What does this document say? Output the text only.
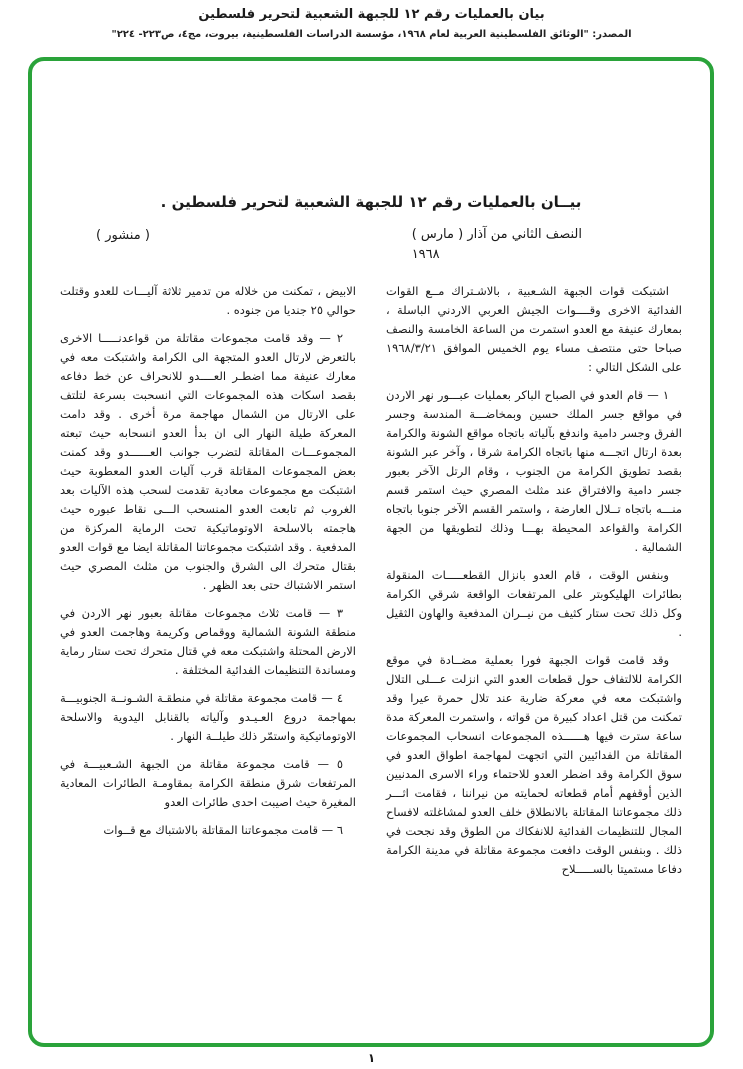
بيان بالعمليات رقم ١٢ للجبهة الشعبية لتحرير فلسطين
المصدر: "الوثائق الفلسطينية العربية لعام ١٩٦٨، مؤسسة الدراسات الفلسطينية، بيروت، مج٤، ص٢٢٣- ٢٢٤"
بيــان بالعمليات رقم ١٢ للجبهة الشعبية لتحرير فلسطين .
النصف الثاني من آذار ( مارس )
١٩٦٨
( منشور )

اشتبكت قوات الجبهة الشـعبية ، بالاشـتراك مــع القوات الفدائية الاخرى وقــــوات الجيش العربي الاردني الباسلة ، بمعارك عنيفة مع العدو استمرت من الساعة الخامسة والنصف صباحا حتى منتصف مساء يوم الخميس الموافق ١٩٦٨/٣/٢١ على الشكل التالي :

١ — قام العدو في الصباح الباكر بعمليات عبـــور نهر الاردن في مواقع جسر الملك حسين وبمخاضـــة المندسة وجسر الفرق وجسر دامية واندفع بآلياته باتجاه مواقع الشونة والكرامة بعدة ارتال اتجـــه منها باتجاه الكرامة شرقا ، وآخر عبر الشونة بقصد تطويق الكرامة من الجنوب ، وقام الرتل الآخر بعبور جسر دامية والافتراق عند مثلث المصري حيث استمر قسم منـــه باتجاه تــلال العارضة ، واستمر القسم الآخر جنوبا باتجاه الكرامة والقواعد المحيطة بهـــا وذلك لتطويقها من الجهة الشمالية .

وبنفس الوقت ، قام العدو بانزال القطعـــــات المنقولة بطائرات الهليكوبتر على المرتفعات الواقعة شرقي الكرامة وكل ذلك تحت ستار كثيف من نيــران المدفعية والهاون الثقيل .

وقد قامت قوات الجبهة فورا بعملية مضــادة في موقع الكرامة للالتفاف حول قطعات العدو التي انزلت عـــلى التلال واشتبكت معه في معركة ضارية عند تلال حمرة عيرا وقد تمكنت من قتل اعداد كبيرة من قواته ، واستمرت المعركة مدة ساعة سترت فيها هــــــذه المجموعات انسحاب المجموعات المقاتلة من الفدائيين التي اتجهت لمهاجمة اطواق العدو في سوق الكرامة وقد اضطر العدو للاحتماء وراء الاسرى المدنيين الذين أوقفهم أمام قطعاته لحمايته من نيراننا ، فقامت اثـــر ذلك مجموعاتنا المقاتلة بالانطلاق خلف العدو لمشاغلته لافساح المجال للتنظيمات الفدائية للانفكاك من الطوق وقد نجحت في ذلك . وبنفس الوقت دافعت مجموعة مقاتلة في مدينة الكرامة دفاعا مستميتا بالســـــلاح

الابيض ، تمكنت من خلاله من تدمير ثلاثة آليـــات للعدو وقتلت حوالي ٢٥ جنديا من جنوده .

٢ — وقد قامت مجموعات مقاتلة من قواعدنـــــا الاخرى بالتعرض لارتال العدو المتجهة الى الكرامة واشتبكت معه في معارك عنيفة مما اضطـر العــــدو للانحراف عن خط دفاعه بقصد اسكات هذه المجموعات التي انسحبت بسرعة لتلتف على الارتال من الشمال مهاجمة مرة أخرى . وقد دامت المعركة طيلة النهار الى ان بدأ العدو انسحابه حيث تبعته المجموعـــات المقاتلة لتضرب جوانب العــــــدو وقد كمنت بعض المجموعات المقاتلة قرب آليات العدو المعطوبة حيث اشتبكت مع مجموعات معادية تقدمت لسحب هذه الآليات بعد الغروب ثم تابعت العدو المنسحب الـــى نقاط عبوره حيث هاجمته بالاسلحة الاوتوماتيكية تحت الرماية المركزة من المدفعية . وقد اشتبكت مجموعاتنا المقاتلة ايضا مع قوات العدو بقتال متحرك الى الشرق والجنوب من مثلث المصري حيث استمر الاشتباك حتى بعد الظهر .

٣ — قامت ثلاث مجموعات مقاتلة بعبور نهر الاردن في منطقة الشونة الشمالية ووقماص وكريمة وهاجمت العدو في الارض المحتلة واشتبكت معه في قتال متحرك تحت ستار رماية ومساندة التنظيمات الفدائية المختلفة .

٤ — قامت مجموعة مقاتلة في منطقـة الشـونــة الجنوبيـــة بمهاجمة دروع العـيـدو وآلياته بالقنابل اليدوية والاسلحة الاوتوماتيكية واستمّر ذلك طيلــة النهار .

٥ — قامت مجموعة مقاتلة من الجبهة الشـعبيـــة في المرتفعات شرق منطقة الكرامة بمقاومـة الطائرات المعادية المغيرة حيث اصيبت احدى طائرات العدو

٦ — قامت مجموعاتنا المقاتلة بالاشتباك مع قــوات

١
